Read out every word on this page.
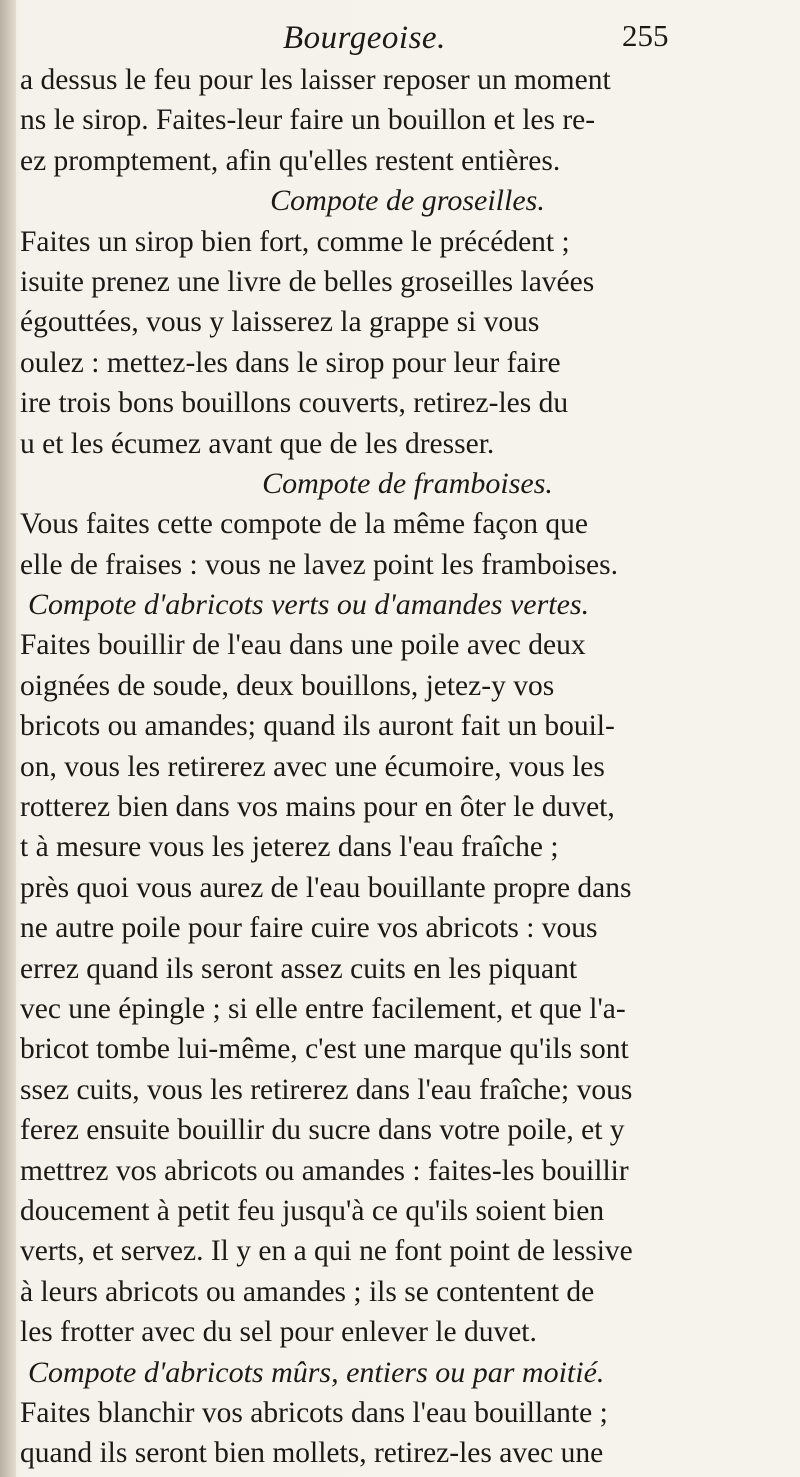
Bourgeoise.	255
a dessus le feu pour les laisser reposer un moment
ns le sirop. Faites-leur faire un bouillon et les re-
ez promptement, afin qu'elles restent entières.
Compote de groseilles.
Faites un sirop bien fort, comme le précédent ;
isuite prenez une livre de belles groseilles lavées
égouttées, vous y laisserez la grappe si vous
oulez : mettez-les dans le sirop pour leur faire
ire trois bons bouillons couverts, retirez-les du
u et les écumez avant que de les dresser.
Compote de framboises.
Vous faites cette compote de la même façon que
elle de fraises : vous ne lavez point les framboises.
Compote d'abricots verts ou d'amandes vertes.
Faites bouillir de l'eau dans une poile avec deux
oignées de soude, deux bouillons, jetez-y vos
bricots ou amandes; quand ils auront fait un bouil-
on, vous les retirerez avec une écumoire, vous les
rotterez bien dans vos mains pour en ôter le duvet,
t à mesure vous les jeterez dans l'eau fraîche ;
près quoi vous aurez de l'eau bouillante propre dans
ne autre poile pour faire cuire vos abricots : vous
errez quand ils seront assez cuits en les piquant
vec une épingle ; si elle entre facilement, et que l'a-
bricot tombe lui-même, c'est une marque qu'ils sont
ssez cuits, vous les retirerez dans l'eau fraîche; vous
ferez ensuite bouillir du sucre dans votre poile, et y
mettrez vos abricots ou amandes : faites-les bouillir
doucement à petit feu jusqu'à ce qu'ils soient bien
verts, et servez. Il y en a qui ne font point de lessive
à leurs abricots ou amandes ; ils se contentent de
les frotter avec du sel pour enlever le duvet.
Compote d'abricots mûrs, entiers ou par moitié.
Faites blanchir vos abricots dans l'eau bouillante ;
quand ils seront bien mollets, retirez-les avec une
